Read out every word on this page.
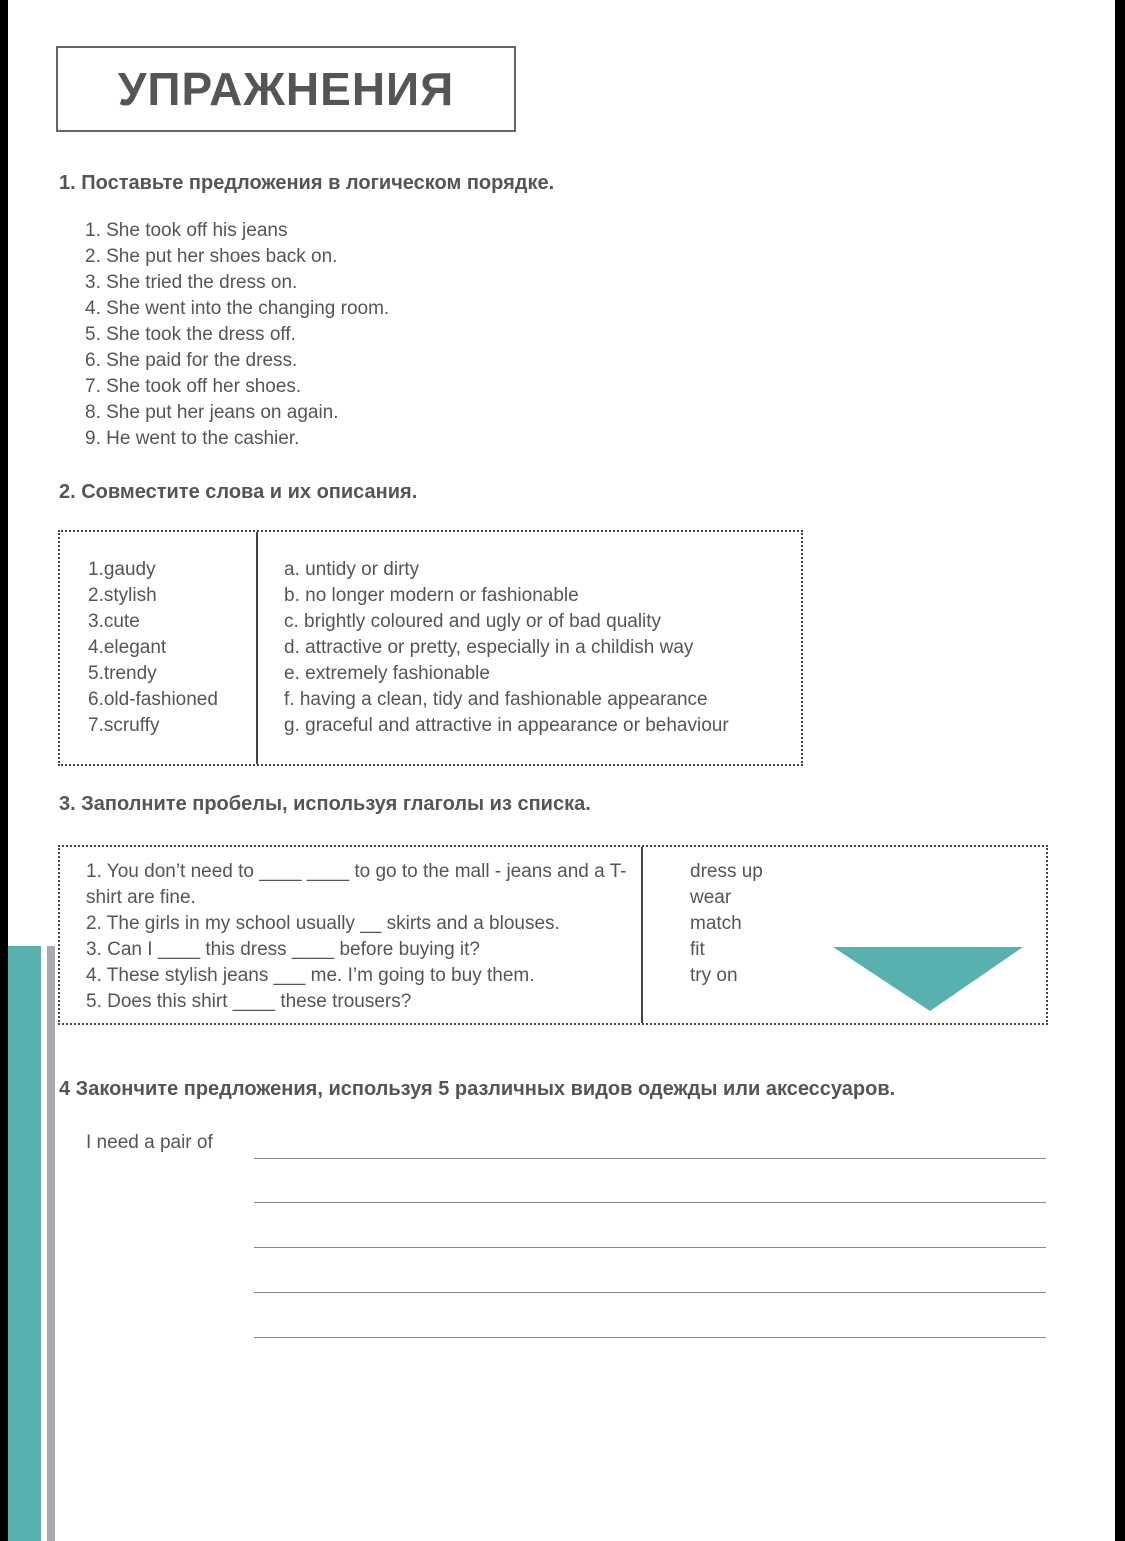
УПРАЖНЕНИЯ
1. Поставьте предложения в логическом порядке.
1. She took off his jeans
2. She put her shoes back on.
3. She tried the dress on.
4. She went into the changing room.
5. She took the dress off.
6. She paid for the dress.
7. She took off her shoes.
8. She put her jeans on again.
9. He went to the cashier.
2. Совместите слова и их описания.
1.gaudy
2.stylish
3.cute
4.elegant
5.trendy
6.old-fashioned
7.scruffy
a. untidy or dirty
b. no longer modern or fashionable
c. brightly coloured and ugly or of bad quality
d. attractive or pretty, especially in a childish way
e. extremely fashionable
f. having a clean, tidy and fashionable appearance
g. graceful and attractive in appearance or behaviour
3. Заполните пробелы, используя глаголы из списка.
1. You don’t need to ____ ____ to go to the mall - jeans and a T-shirt are fine.
2. The girls in my school usually __ skirts and a blouses.
3. Can I ____ this dress ____ before buying it?
4. These stylish jeans ___ me. I’m going to buy them.
5. Does this shirt ____ these trousers?
dress up
wear
match
fit
try on
4 Закончите предложения, используя 5 различных видов одежды или аксессуаров.
I need a pair of
